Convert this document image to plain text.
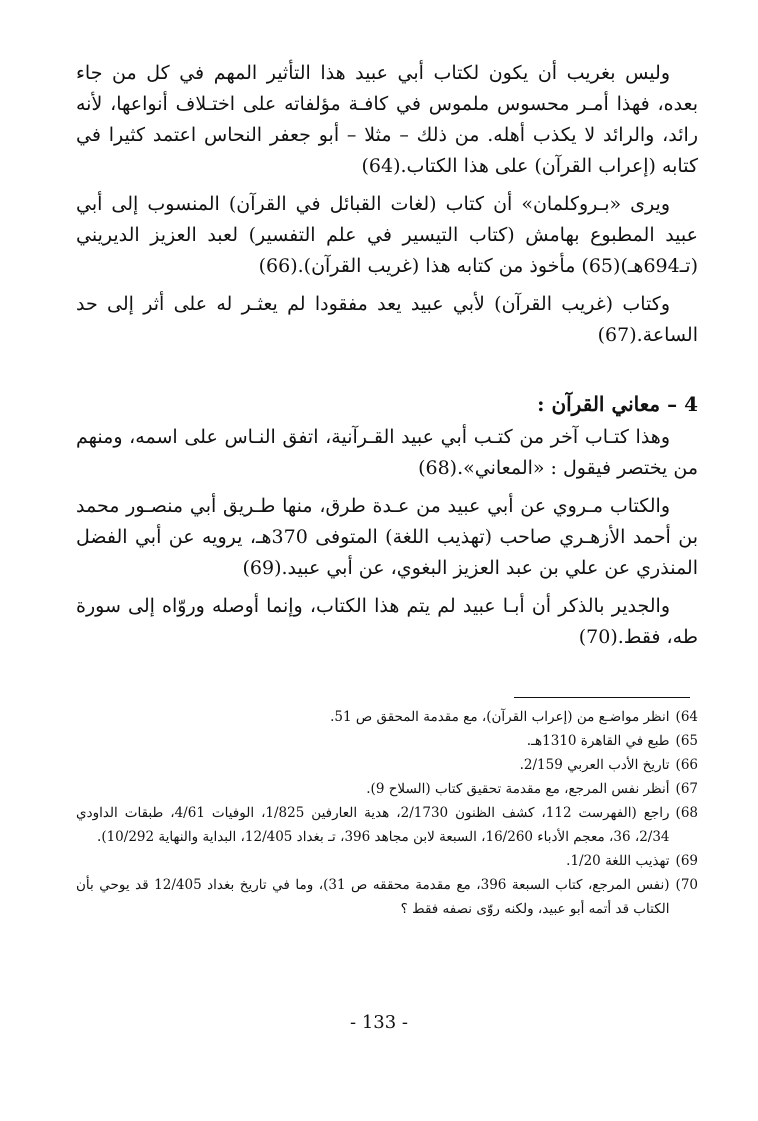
وليس بغريب أن يكون لكتاب أبي عبيد هذا التأثير المهم في كل من جاء بعده، فهذا أمـر محسوس ملموس في كافـة مؤلفاته على اختـلاف أنواعها، لأنه رائد، والرائد لا يكذب أهله. من ذلك – مثلا – أبو جعفر النحاس اعتمد كثيرا في كتابه (إعراب القرآن) على هذا الكتاب.(64)

ويرى «بـروكلمان» أن كتاب (لغات القبائل في القرآن) المنسوب إلى أبي عبيد المطبوع بهامش (كتاب التيسير في علم التفسير) لعبد العزيز الديريني (تـ694هـ)(65) مأخوذ من كتابه هذا (غريب القرآن).(66)

وكتاب (غريب القرآن) لأبي عبيد يعد مفقودا لم يعثـر له على أثر إلى حد الساعة.(67)

4 – معاني القرآن :

وهذا كتـاب آخر من كتـب أبي عبيد القـرآنية، اتفق النـاس على اسمه، ومنهم من يختصر فيقول : «المعاني».(68)

والكتاب مـروي عن أبي عبيد من عـدة طرق، منها طـريق أبي منصـور محمد بن أحمد الأزهـري صاحب (تهذيب اللغة) المتوفى 370هـ، يرويه عن أبي الفضل المنذري عن علي بن عبد العزيز البغوي، عن أبي عبيد.(69)

والجدير بالذكر أن أبـا عبيد لم يتم هذا الكتاب، وإنما أوصله وروّاه إلى سورة طه، فقط.(70)

64)
انظر مواضـع من (إعراب القرآن)، مع مقدمة المحقق ص 51.
65)
طبع في القاهرة 1310هـ.
66)
تاريخ الأدب العربي 2/159.
67)
أنظر نفس المرجع، مع مقدمة تحقيق كتاب (السلاح 9).
68)
راجع (الفهرست 112، كشف الظنون 2/1730، هدية العارفين 1/825، الوفيات 4/61، طبقات الداودي 2/34، 36، معجم الأدباء 16/260، السبعة لابن مجاهد 396، تـ بغداد 12/405، البداية والنهاية 10/292).
69)
تهذيب اللغة 1/20.
70)
(نفس المرجع، كتاب السبعة 396، مع مقدمة محققه ص 31)، وما في تاريخ بغداد 12/405 قد يوحي بأن الكتاب قد أتمه أبو عبيد، ولكنه روّى نصفه فقط ؟
- 133 -
